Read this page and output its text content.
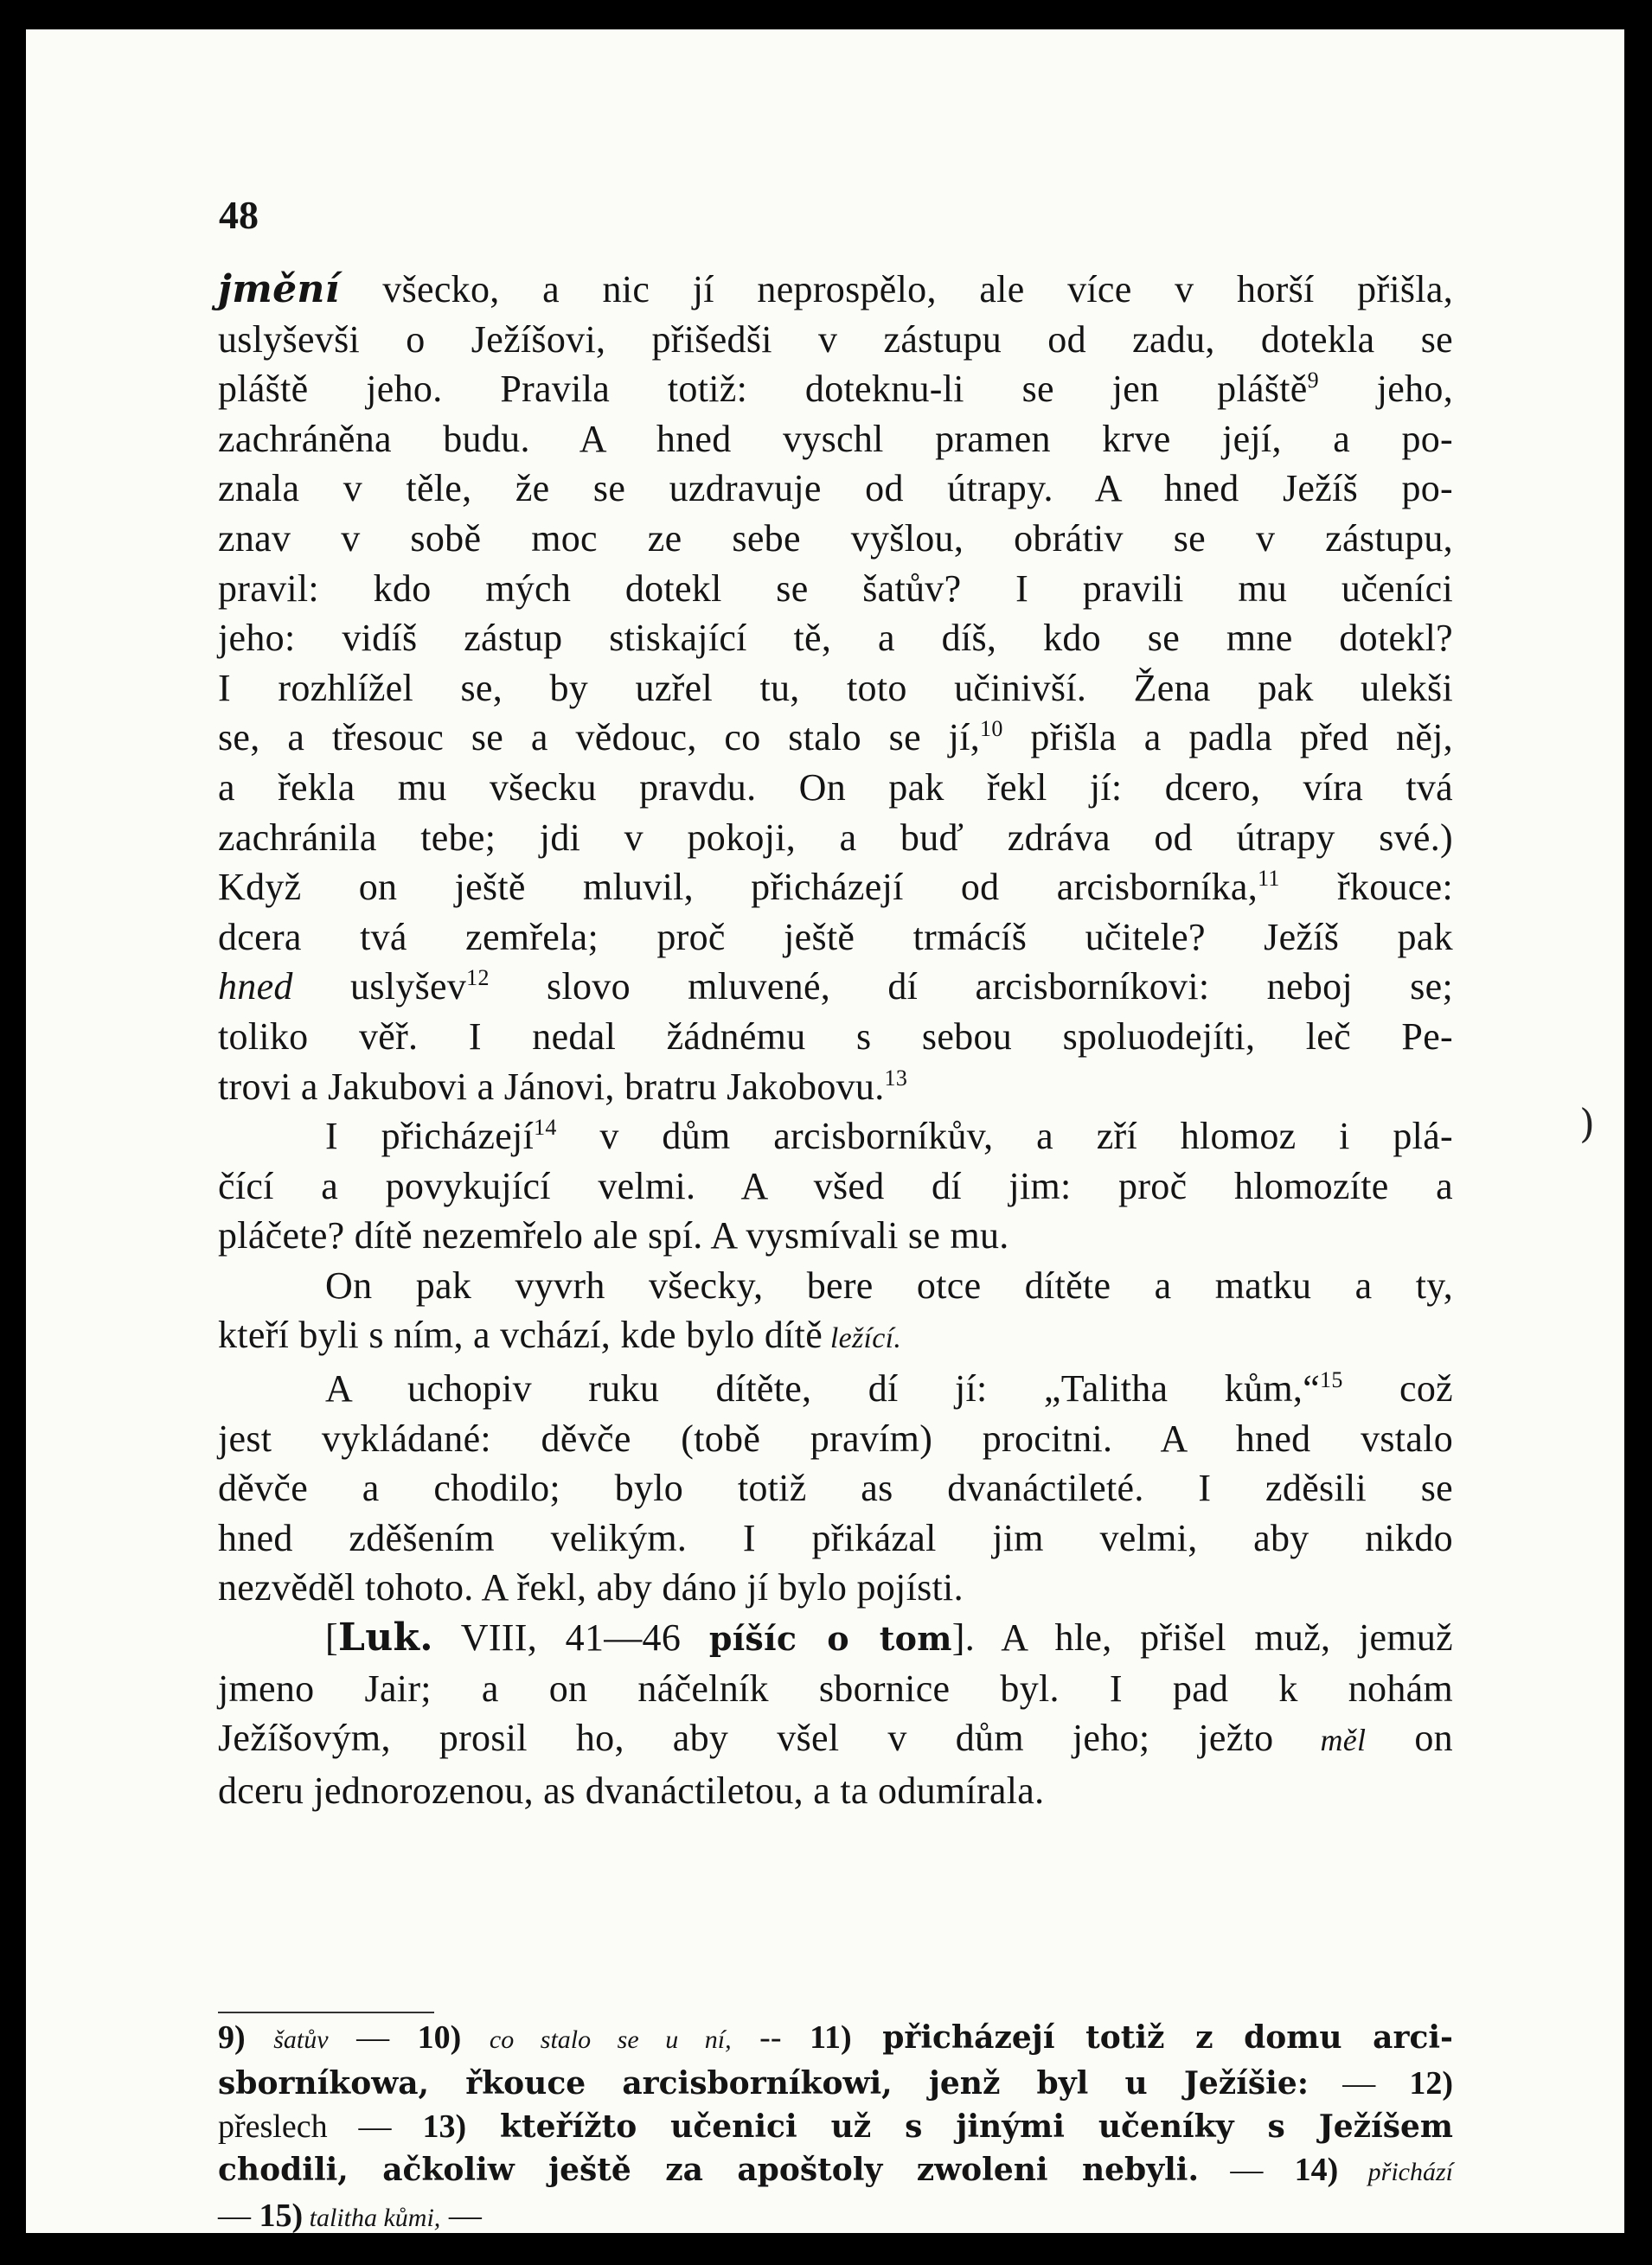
48
jmění všecko, a nic jí neprospělo, ale více v horší přišla,
uslyševši o Ježíšovi, přišedši v zástupu od zadu, dotekla se
pláště jeho. Pravila totiž: doteknu-li se jen pláště$^9$ jeho,
zachráněna budu. A hned vyschl pramen krve její, a po-
znala v těle, že se uzdravuje od útrapy. A hned Ježíš po-
znav v sobě moc ze sebe vyšlou, obrátiv se v zástupu,
pravil: kdo mých dotekl se šatův? I pravili mu učeníci
jeho: vidíš zástup stiskající tě, a díš, kdo se mne dotekl?
I rozhlížel se, by uzřel tu, toto učinivší. Žena pak ulekši
se, a třesouc se a vědouc, co stalo se jí,$^{10}$ přišla a padla před něj,
a řekla mu všecku pravdu. On pak řekl jí: dcero, víra tvá
zachránila tebe; jdi v pokoji, a buď zdráva od útrapy své.)
Když on ještě mluvil, přicházejí od arcisborníka,$^{11}$ řkouce:
dcera tvá zemřela; proč ještě trmácíš učitele? Ježíš pak
hned uslyšev$^{12}$ slovo mluvené, dí arcisborníkovi: neboj se;
toliko věř. I nedal žádnému s sebou spoluodejíti, leč Pe-
trovi a Jakubovi a Jánovi, bratru Jakobovu.$^{13}$
I přicházejí$^{14}$ v dům arcisborníkův, a zří hlomoz i plá-
čící a povykující velmi. A všed dí jim: proč hlomozíte a
pláčete? dítě nezemřelo ale spí. A vysmívali se mu.
On pak vyvrh všecky, bere otce dítěte a matku a ty,
kteří byli s ním, a vchází, kde bylo dítě ležící.
A uchopiv ruku dítěte, dí jí: „Talitha kům,“$^{15}$ což
jest vykládané: děvče (tobě pravím) procitni. A hned vstalo
děvče a chodilo; bylo totiž as dvanáctileté. I zděsili se
hned zděšením velikým. I přikázal jim velmi, aby nikdo
nezvěděl tohoto. A řekl, aby dáno jí bylo pojísti.
[Luk. VIII, 41—46 píšíc o tom]. A hle, přišel muž, jemuž
jmeno Jair; a on náčelník sbornice byl. I pad k nohám
Ježíšovým, prosil ho, aby všel v dům jeho; ježto měl on
dceru jednorozenou, as dvanáctiletou, a ta odumírala.
9) šatův — 10) co stalo se u ní, -- 11) přicházejí totiž z domu arci-
sborníkowa, řkouce arcisborníkowi, jenž byl u Ježíšie: — 12)
přeslech — 13) kteřížto učenici už s jinými učeníky s Ježíšem
chodili, ačkoliw ještě za apoštoly zwoleni nebyli. — 14) přichází
— 15) talitha kůmi, —
)
